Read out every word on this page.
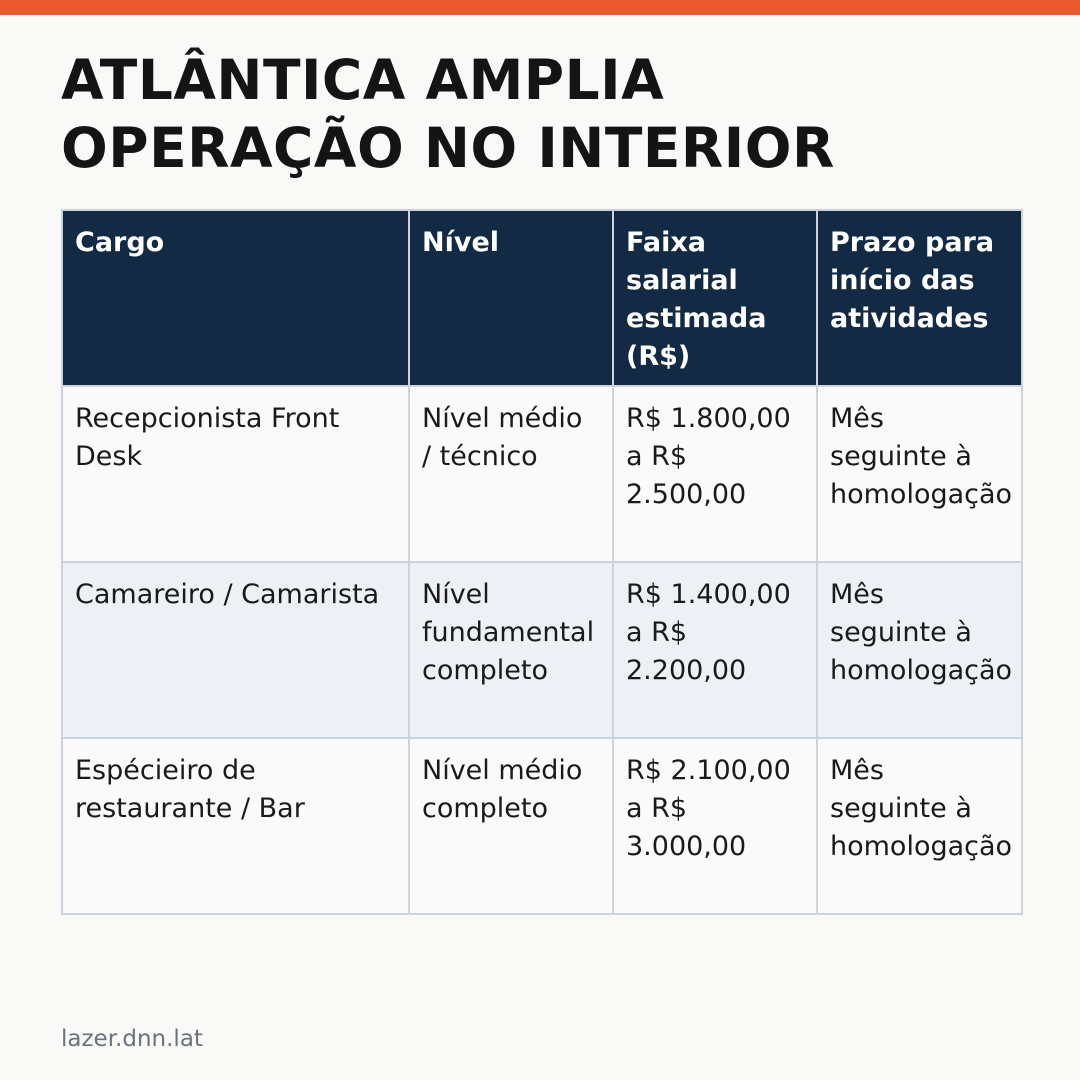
ATLÂNTICA AMPLIA OPERAÇÃO NO INTERIOR
Cargo	Nível	Faixa salarial estimada (R$)	Prazo para início das atividades
Recepcionista Front Desk	Nível médio / técnico	R$ 1.800,00 a R$ 2.500,00	Mês seguinte à homologação
Camareiro / Camarista	Nível fundamental completo	R$ 1.400,00 a R$ 2.200,00	Mês seguinte à homologação
Espécieiro de restaurante / Bar	Nível médio completo	R$ 2.100,00 a R$ 3.000,00	Mês seguinte à homologação
lazer.dnn.lat
